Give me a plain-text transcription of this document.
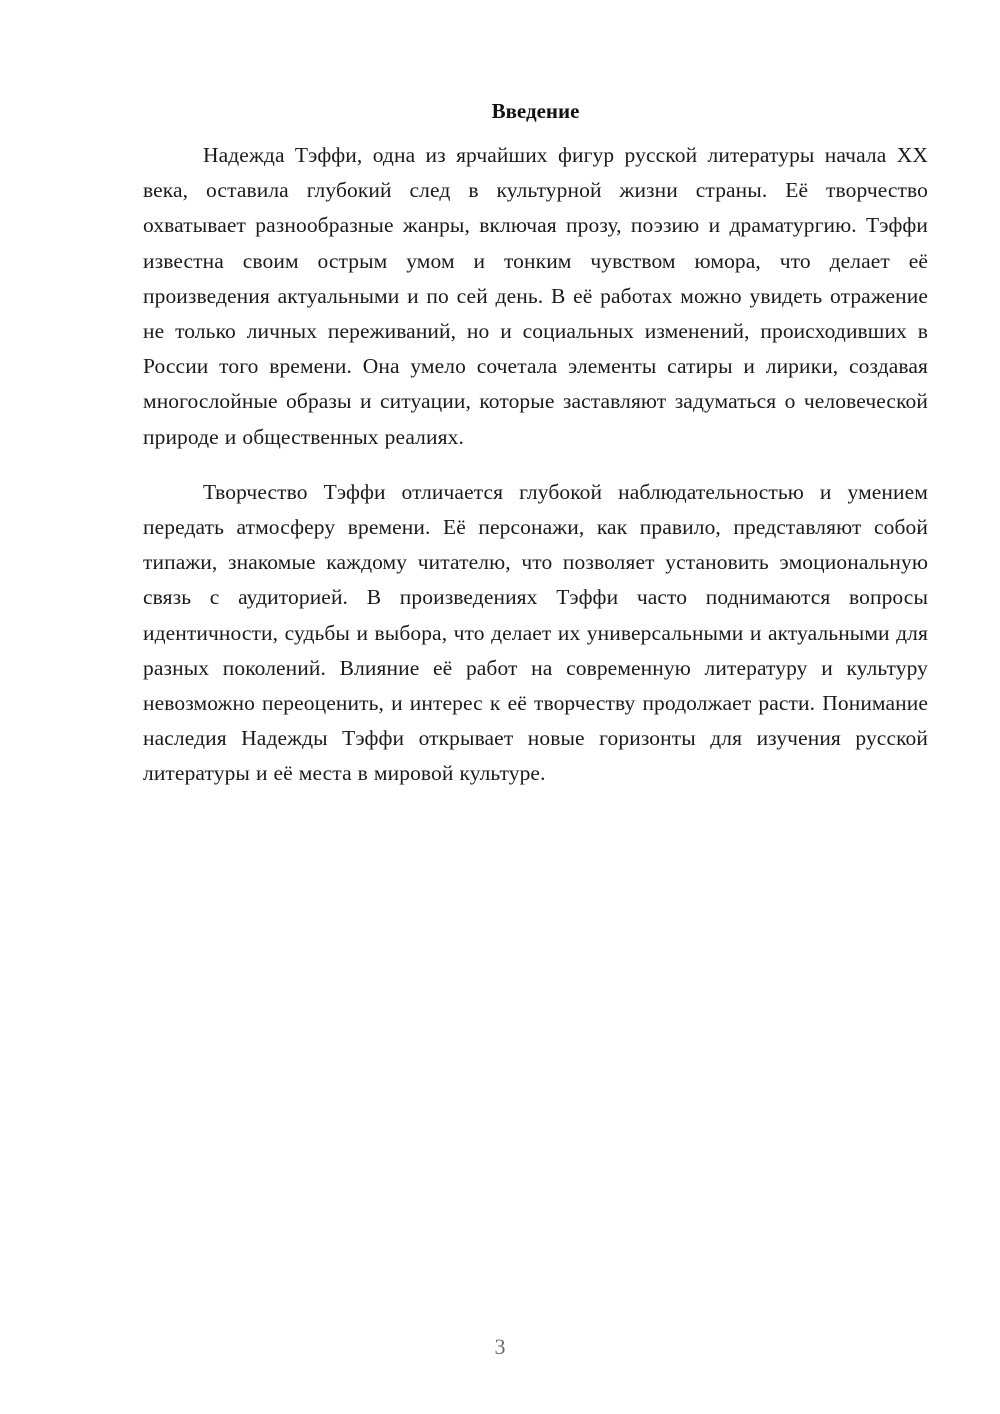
Введение

Надежда Тэффи, одна из ярчайших фигур русской литературы начала XX века, оставила глубокий след в культурной жизни страны. Её творчество охватывает разнообразные жанры, включая прозу, поэзию и драматургию. Тэффи известна своим острым умом и тонким чувством юмора, что делает её произведения актуальными и по сей день. В её работах можно увидеть отражение не только личных переживаний, но и социальных изменений, происходивших в России того времени. Она умело сочетала элементы сатиры и лирики, создавая многослойные образы и ситуации, которые заставляют задуматься о человеческой природе и общественных реалиях.

Творчество Тэффи отличается глубокой наблюдательностью и умением передать атмосферу времени. Её персонажи, как правило, представляют собой типажи, знакомые каждому читателю, что позволяет установить эмоциональную связь с аудиторией. В произведениях Тэффи часто поднимаются вопросы идентичности, судьбы и выбора, что делает их универсальными и актуальными для разных поколений. Влияние её работ на современную литературу и культуру невозможно переоценить, и интерес к её творчеству продолжает расти. Понимание наследия Надежды Тэффи открывает новые горизонты для изучения русской литературы и её места в мировой культуре.

3
